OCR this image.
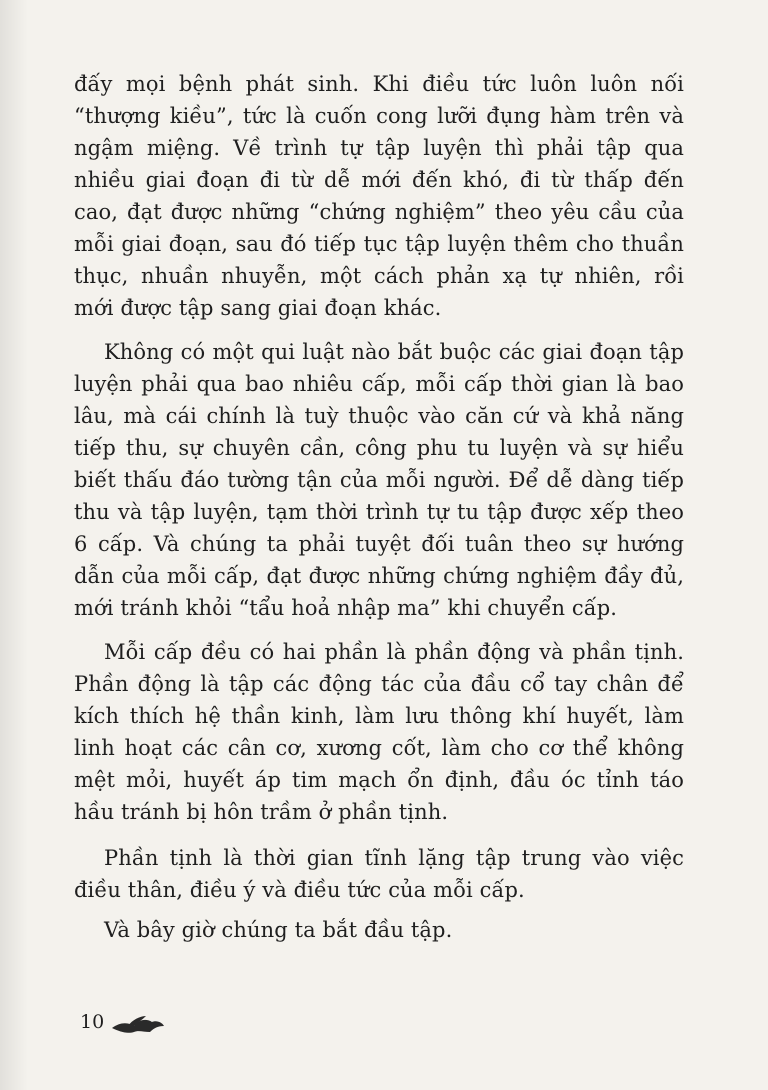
đấy mọi bệnh phát sinh. Khi điều tức luôn luôn nối

“thượng kiều”, tức là cuốn cong lưỡi đụng hàm trên và

ngậm miệng. Về trình tự tập luyện thì phải tập qua

nhiều giai đoạn đi từ dễ mới đến khó, đi từ thấp đến

cao, đạt được những “chứng nghiệm” theo yêu cầu của

mỗi giai đoạn, sau đó tiếp tục tập luyện thêm cho thuần

thục, nhuần nhuyễn, một cách phản xạ tự nhiên, rồi

mới được tập sang giai đoạn khác.

Không có một qui luật nào bắt buộc các giai đoạn tập

luyện phải qua bao nhiêu cấp, mỗi cấp thời gian là bao

lâu, mà cái chính là tuỳ thuộc vào căn cứ và khả năng

tiếp thu, sự chuyên cần, công phu tu luyện và sự hiểu

biết thấu đáo tường tận của mỗi người. Để dễ dàng tiếp

thu và tập luyện, tạm thời trình tự tu tập được xếp theo

6 cấp. Và chúng ta phải tuyệt đối tuân theo sự hướng

dẫn của mỗi cấp, đạt được những chứng nghiệm đầy đủ,

mới tránh khỏi “tẩu hoả nhập ma” khi chuyển cấp.

Mỗi cấp đều có hai phần là phần động và phần tịnh.

Phần động là tập các động tác của đầu cổ tay chân để

kích thích hệ thần kinh, làm lưu thông khí huyết, làm

linh hoạt các cân cơ, xương cốt, làm cho cơ thể không

mệt mỏi, huyết áp tim mạch ổn định, đầu óc tỉnh táo

hầu tránh bị hôn trầm ở phần tịnh.

Phần tịnh là thời gian tĩnh lặng tập trung vào việc

điều thân, điều ý và điều tức của mỗi cấp.

Và bây giờ chúng ta bắt đầu tập.

10
